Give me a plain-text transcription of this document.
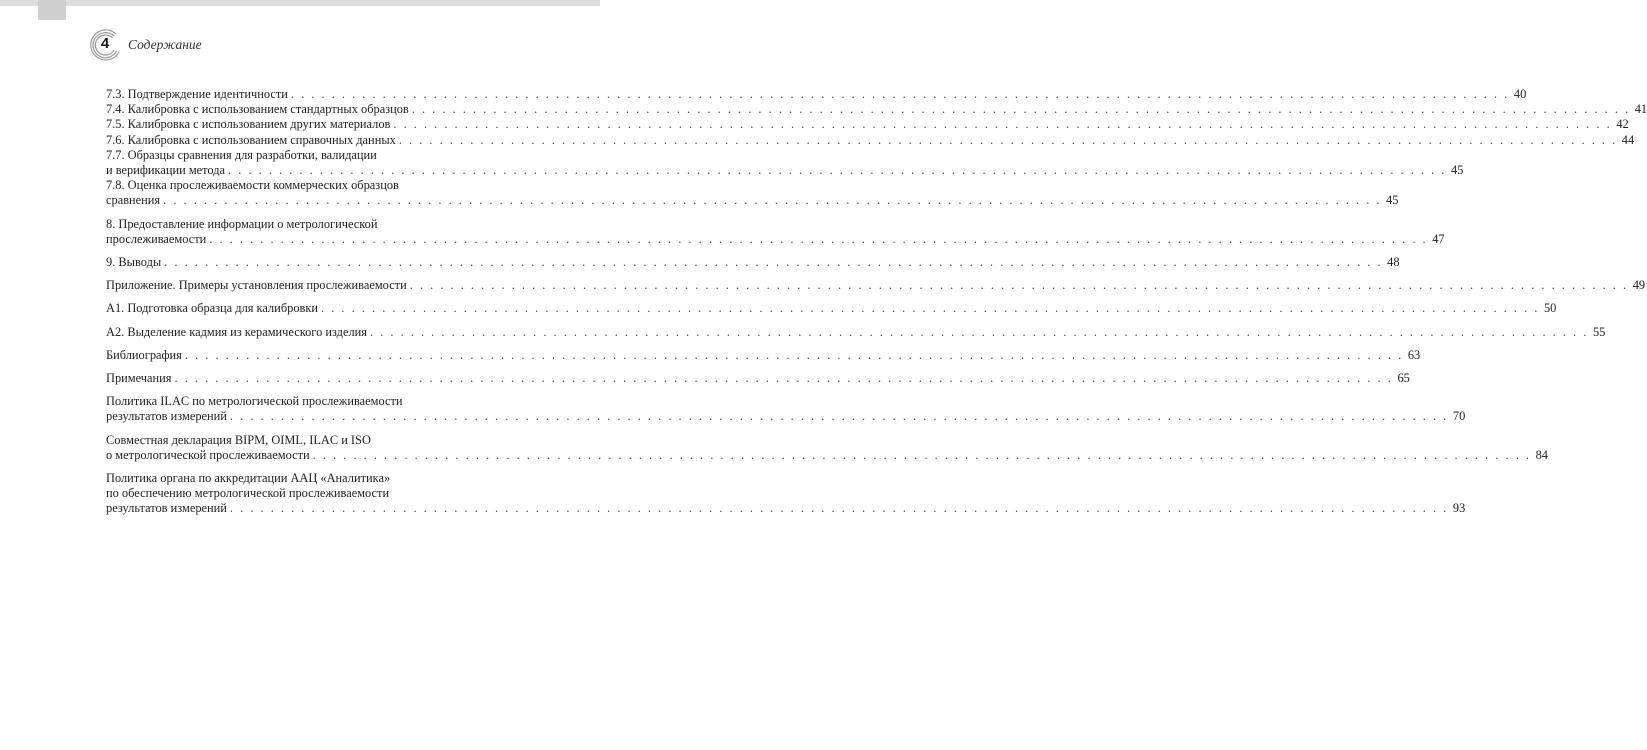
4 Содержание
7.3. Подтверждение идентичности . . . . . . . . . . . . . . . . . . . . . . . . . . . . . . . . . . . . . . . . . . . . . . . . . . . . . . . . . . . . . . . . . . . . . . . . . . . . . . . . . . . . . . . . . . . . . . . . . . . . . . . . . . . . . . . . . . . . . . . . 40
7.4. Калибровка с использованием стандартных образцов . . . . . . . . . . . . . . . . . . . . . . . . . . . . . . . . . . . . . . . . . . . . . . . . . . . . . . . . . . . . . . . . . . . . . . . . . . . . . . . . . . . . . . . . . . . . . . . . . . . . . . . . . . . . . . . . . . . . . . . . 41
7.5. Калибровка с использованием других материалов . . . . . . . . . . . . . . . . . . . . . . . . . . . . . . . . . . . . . . . . . . . . . . . . . . . . . . . . . . . . . . . . . . . . . . . . . . . . . . . . . . . . . . . . . . . . . . . . . . . . . . . . . . . . . . . . . . . . . . . . 42
7.6. Калибровка с использованием справочных данных . . . . . . . . . . . . . . . . . . . . . . . . . . . . . . . . . . . . . . . . . . . . . . . . . . . . . . . . . . . . . . . . . . . . . . . . . . . . . . . . . . . . . . . . . . . . . . . . . . . . . . . . . . . . . . . . . . . . . . . . 44
7.7. Образцы сравнения для разработки, валидации
и верификации метода . . . . . . . . . . . . . . . . . . . . . . . . . . . . . . . . . . . . . . . . . . . . . . . . . . . . . . . . . . . . . . . . . . . . . . . . . . . . . . . . . . . . . . . . . . . . . . . . . . . . . . . . . . . . . . . . . . . . . . . . 45
7.8. Оценка прослеживаемости коммерческих образцов
сравнения . . . . . . . . . . . . . . . . . . . . . . . . . . . . . . . . . . . . . . . . . . . . . . . . . . . . . . . . . . . . . . . . . . . . . . . . . . . . . . . . . . . . . . . . . . . . . . . . . . . . . . . . . . . . . . . . . . . . . . . . 45
8. Предоставление информации о метрологической
прослеживаемости . . . . . . . . . . . . . . . . . . . . . . . . . . . . . . . . . . . . . . . . . . . . . . . . . . . . . . . . . . . . . . . . . . . . . . . . . . . . . . . . . . . . . . . . . . . . . . . . . . . . . . . . . . . . . . . . . . . . . . . . 47
9. Выводы . . . . . . . . . . . . . . . . . . . . . . . . . . . . . . . . . . . . . . . . . . . . . . . . . . . . . . . . . . . . . . . . . . . . . . . . . . . . . . . . . . . . . . . . . . . . . . . . . . . . . . . . . . . . . . . . . . . . . . . . 48
Приложение. Примеры установления прослеживаемости . . . . . . . . . . . . . . . . . . . . . . . . . . . . . . . . . . . . . . . . . . . . . . . . . . . . . . . . . . . . . . . . . . . . . . . . . . . . . . . . . . . . . . . . . . . . . . . . . . . . . . . . . . . . . . . . . . . . . . . . 49
А1. Подготовка образца для калибровки . . . . . . . . . . . . . . . . . . . . . . . . . . . . . . . . . . . . . . . . . . . . . . . . . . . . . . . . . . . . . . . . . . . . . . . . . . . . . . . . . . . . . . . . . . . . . . . . . . . . . . . . . . . . . . . . . . . . . . . . 50
А2. Выделение кадмия из керамического изделия . . . . . . . . . . . . . . . . . . . . . . . . . . . . . . . . . . . . . . . . . . . . . . . . . . . . . . . . . . . . . . . . . . . . . . . . . . . . . . . . . . . . . . . . . . . . . . . . . . . . . . . . . . . . . . . . . . . . . . . . 55
Библиография . . . . . . . . . . . . . . . . . . . . . . . . . . . . . . . . . . . . . . . . . . . . . . . . . . . . . . . . . . . . . . . . . . . . . . . . . . . . . . . . . . . . . . . . . . . . . . . . . . . . . . . . . . . . . . . . . . . . . . . . 63
Примечания . . . . . . . . . . . . . . . . . . . . . . . . . . . . . . . . . . . . . . . . . . . . . . . . . . . . . . . . . . . . . . . . . . . . . . . . . . . . . . . . . . . . . . . . . . . . . . . . . . . . . . . . . . . . . . . . . . . . . . . . 65
Политика ILAC по метрологической прослеживаемости
результатов измерений . . . . . . . . . . . . . . . . . . . . . . . . . . . . . . . . . . . . . . . . . . . . . . . . . . . . . . . . . . . . . . . . . . . . . . . . . . . . . . . . . . . . . . . . . . . . . . . . . . . . . . . . . . . . . . . . . . . . . . . . 70
Совместная декларация BIPM, OIML, ILAC и ISO
о метрологической прослеживаемости . . . . . . . . . . . . . . . . . . . . . . . . . . . . . . . . . . . . . . . . . . . . . . . . . . . . . . . . . . . . . . . . . . . . . . . . . . . . . . . . . . . . . . . . . . . . . . . . . . . . . . . . . . . . . . . . . . . . . . . . 84
Политика органа по аккредитации ААЦ «Аналитика»
по обеспечению метрологической прослеживаемости
результатов измерений . . . . . . . . . . . . . . . . . . . . . . . . . . . . . . . . . . . . . . . . . . . . . . . . . . . . . . . . . . . . . . . . . . . . . . . . . . . . . . . . . . . . . . . . . . . . . . . . . . . . . . . . . . . . . . . . . . . . . . . . 93
